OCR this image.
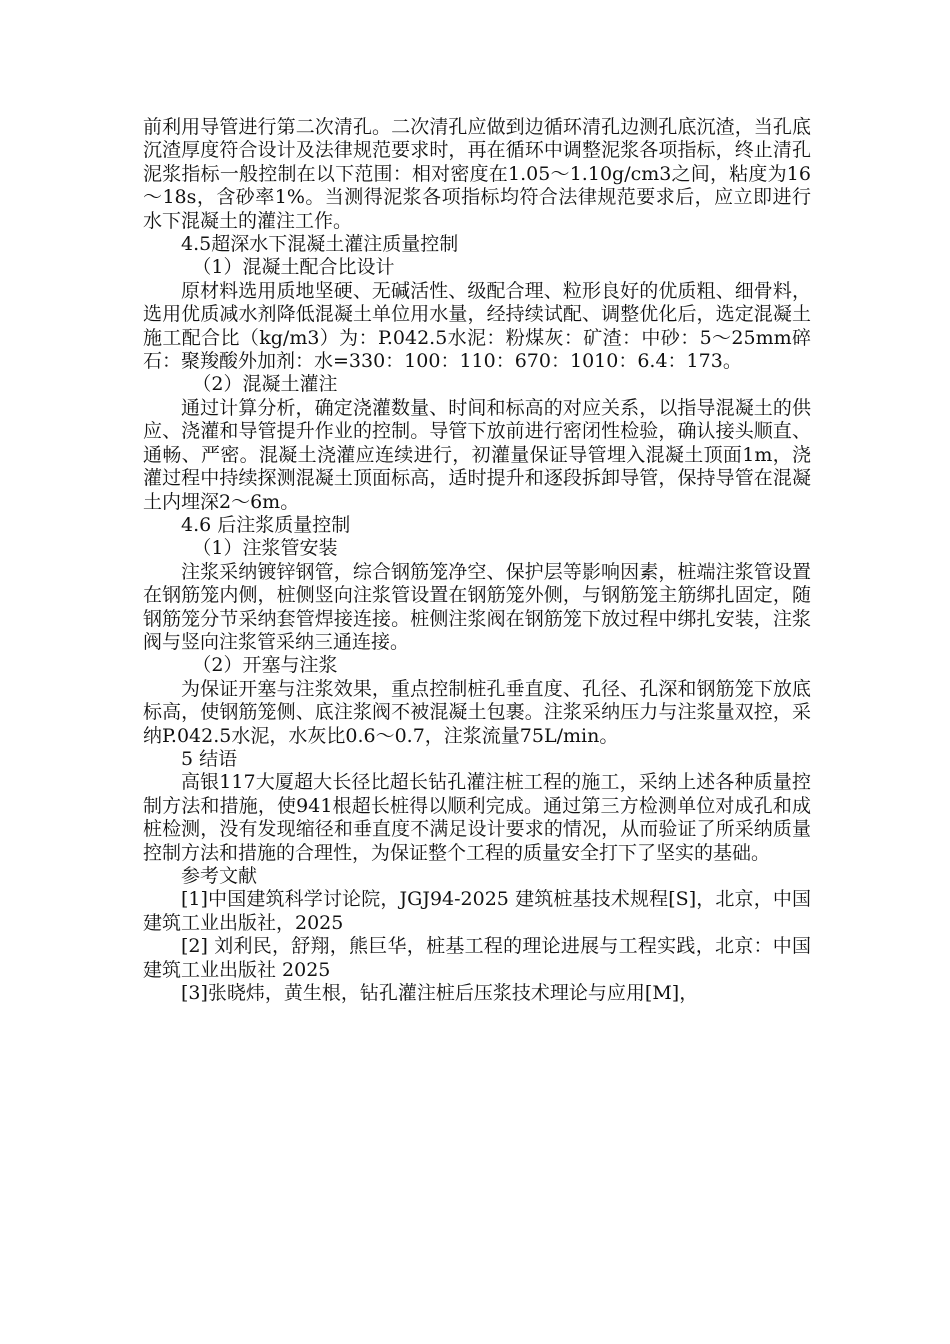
前利用导管进行第二次清孔。二次清孔应做到边循环清孔边测孔底沉渣，当孔底沉渣厚度符合设计及法律规范要求时，再在循环中调整泥浆各项指标，终止清孔泥浆指标一般控制在以下范围：相对密度在1.05～1.10g/cm3之间，粘度为16～18s，含砂率1%。当测得泥浆各项指标均符合法律规范要求后，应立即进行水下混凝土的灌注工作。

4.5超深水下混凝土灌注质量控制

（1）混凝土配合比设计

原材料选用质地坚硬、无碱活性、级配合理、粒形良好的优质粗、细骨料，选用优质减水剂降低混凝土单位用水量，经持续试配、调整优化后，选定混凝土施工配合比（kg/m3）为：P.042.5水泥：粉煤灰：矿渣：中砂：5～25mm碎石：聚羧酸外加剂：水=330：100：110：670：1010：6.4：173。

（2）混凝土灌注

通过计算分析，确定浇灌数量、时间和标高的对应关系，以指导混凝土的供应、浇灌和导管提升作业的控制。导管下放前进行密闭性检验，确认接头顺直、通畅、严密。混凝土浇灌应连续进行，初灌量保证导管埋入混凝土顶面1m，浇灌过程中持续探测混凝土顶面标高，适时提升和逐段拆卸导管，保持导管在混凝土内埋深2～6m。

4.6 后注浆质量控制

（1）注浆管安装

注浆采纳镀锌钢管，综合钢筋笼净空、保护层等影响因素，桩端注浆管设置在钢筋笼内侧，桩侧竖向注浆管设置在钢筋笼外侧，与钢筋笼主筋绑扎固定，随钢筋笼分节采纳套管焊接连接。桩侧注浆阀在钢筋笼下放过程中绑扎安装，注浆阀与竖向注浆管采纳三通连接。

（2）开塞与注浆

为保证开塞与注浆效果，重点控制桩孔垂直度、孔径、孔深和钢筋笼下放底标高，使钢筋笼侧、底注浆阀不被混凝土包裹。注浆采纳压力与注浆量双控，采纳P.042.5水泥，水灰比0.6～0.7，注浆流量75L/min。

5 结语

高银117大厦超大长径比超长钻孔灌注桩工程的施工，采纳上述各种质量控制方法和措施，使941根超长桩得以顺利完成。通过第三方检测单位对成孔和成桩检测，没有发现缩径和垂直度不满足设计要求的情况，从而验证了所采纳质量控制方法和措施的合理性，为保证整个工程的质量安全打下了坚实的基础。

参考文献

[1]中国建筑科学讨论院，JGJ94-2025 建筑桩基技术规程[S]，北京，中国建筑工业出版社，2025

[2] 刘利民，舒翔，熊巨华，桩基工程的理论进展与工程实践，北京：中国建筑工业出版社 2025

[3]张晓炜，黄生根，钻孔灌注桩后压浆技术理论与应用[M]，
